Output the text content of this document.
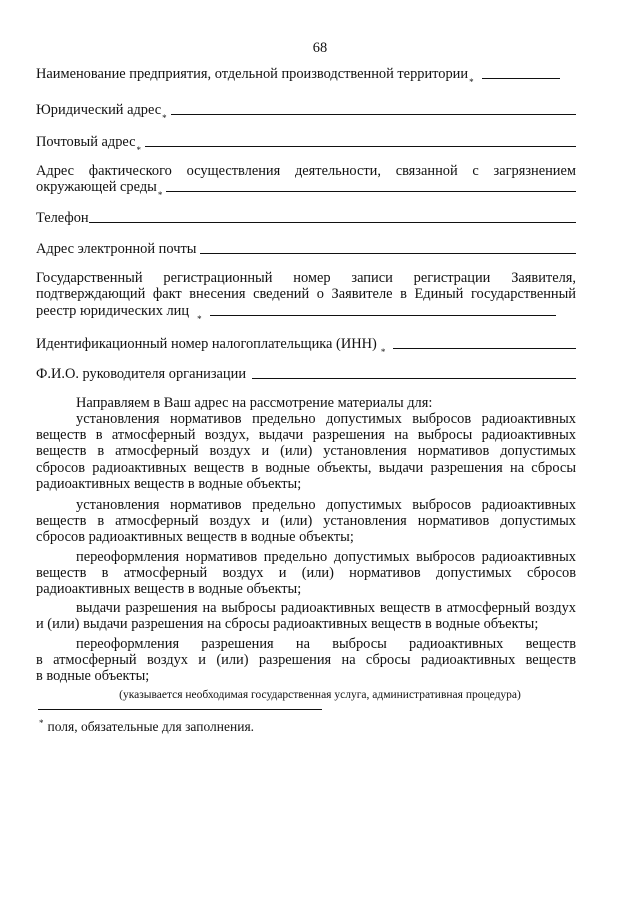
68
Наименование предприятия, отдельной производственной территории
*
Юридический адрес
*
Почтовый адрес
*
Адрес фактического осуществления деятельности, связанной с загрязнением
окружающей среды
*
Телефон
Адрес электронной почты
Государственный регистрационный номер записи регистрации Заявителя,
подтверждающий факт внесения сведений о Заявителе в Единый государственный
реестр юридических лиц
*
Идентификационный номер налогоплательщика (ИНН)
*
Ф.И.О. руководителя организации
Направляем в Ваш адрес на рассмотрение материалы для:
установления нормативов предельно допустимых выбросов радиоактивных
веществ в атмосферный воздух, выдачи разрешения на выбросы радиоактивных
веществ в атмосферный воздух и (или) установления нормативов допустимых
сбросов радиоактивных веществ в водные объекты, выдачи разрешения на сбросы
радиоактивных веществ в водные объекты;
установления нормативов предельно допустимых выбросов радиоактивных
веществ в атмосферный воздух и (или) установления нормативов допустимых
сбросов радиоактивных веществ в водные объекты;
переоформления нормативов предельно допустимых выбросов радиоактивных
веществ в атмосферный воздух и (или) нормативов допустимых сбросов
радиоактивных веществ в водные объекты;
выдачи разрешения на выбросы радиоактивных веществ в атмосферный воздух
и (или) выдачи разрешения на сбросы радиоактивных веществ в водные объекты;
переоформления разрешения на выбросы радиоактивных веществ
в атмосферный воздух и (или) разрешения на сбросы радиоактивных веществ
в водные объекты;
(указывается необходимая государственная услуга, административная процедура)
* поля, обязательные для заполнения.
